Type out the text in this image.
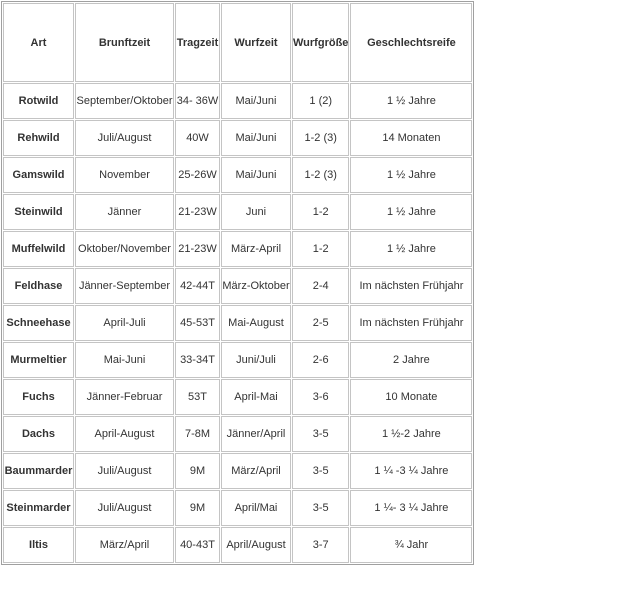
Art	Brunftzeit	Tragzeit	Wurfzeit	Wurfgröße	Geschlechtsreife
Rotwild	September/Oktober	34- 36W	Mai/Juni	1 (2)	1 ½ Jahre
Rehwild	Juli/August	40W	Mai/Juni	1-2 (3)	14 Monaten
Gamswild	November	25-26W	Mai/Juni	1-2 (3)	1 ½ Jahre
Steinwild	Jänner	21-23W	Juni	1-2	1 ½ Jahre
Muffelwild	Oktober/November	21-23W	März-April	1-2	1 ½ Jahre
Feldhase	Jänner-September	42-44T	März-Oktober	2-4	Im nächsten Frühjahr
Schneehase	April-Juli	45-53T	Mai-August	2-5	Im nächsten Frühjahr
Murmeltier	Mai-Juni	33-34T	Juni/Juli	2-6	2 Jahre
Fuchs	Jänner-Februar	53T	April-Mai	3-6	10 Monate
Dachs	April-August	7-8M	Jänner/April	3-5	1 ½-2 Jahre
Baummarder	Juli/August	9M	März/April	3-5	1 ¼ -3 ¼ Jahre
Steinmarder	Juli/August	9M	April/Mai	3-5	1 ¼- 3 ¼ Jahre
Iltis	März/April	40-43T	April/August	3-7	¾ Jahr
